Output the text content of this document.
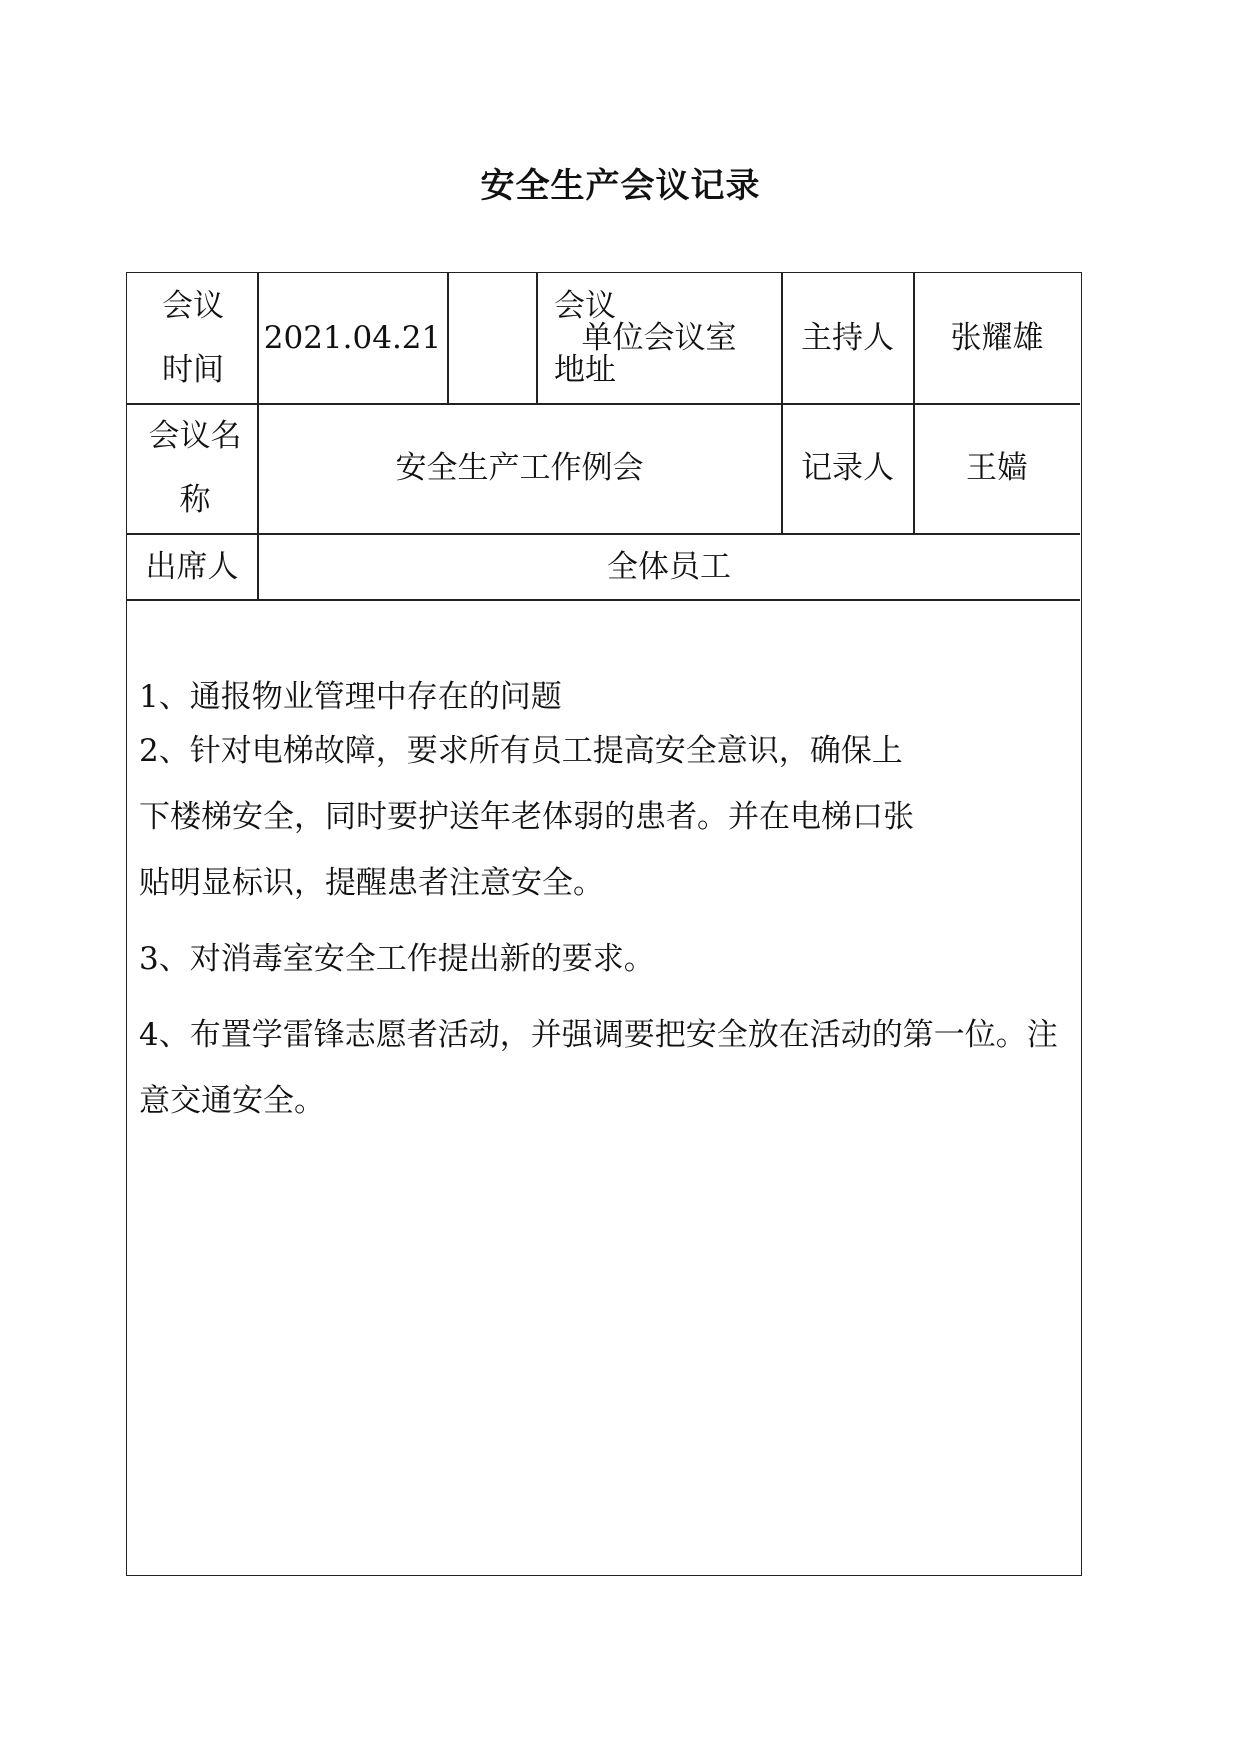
安全生产会议记录
会议时间
2021.04.21
会议地址
单位会议室 主持人 张耀雄
会议名称
安全生产工作例会	记录人 王嫱
出席人	全体员工
1、通报物业管理中存在的问题
2、针对电梯故障，要求所有员工提高安全意识，确保上
下楼梯安全，同时要护送年老体弱的患者。并在电梯口张
贴明显标识，提醒患者注意安全。
3、对消毒室安全工作提出新的要求。
4、布置学雷锋志愿者活动，并强调要把安全放在活动的第一位。注
意交通安全。
